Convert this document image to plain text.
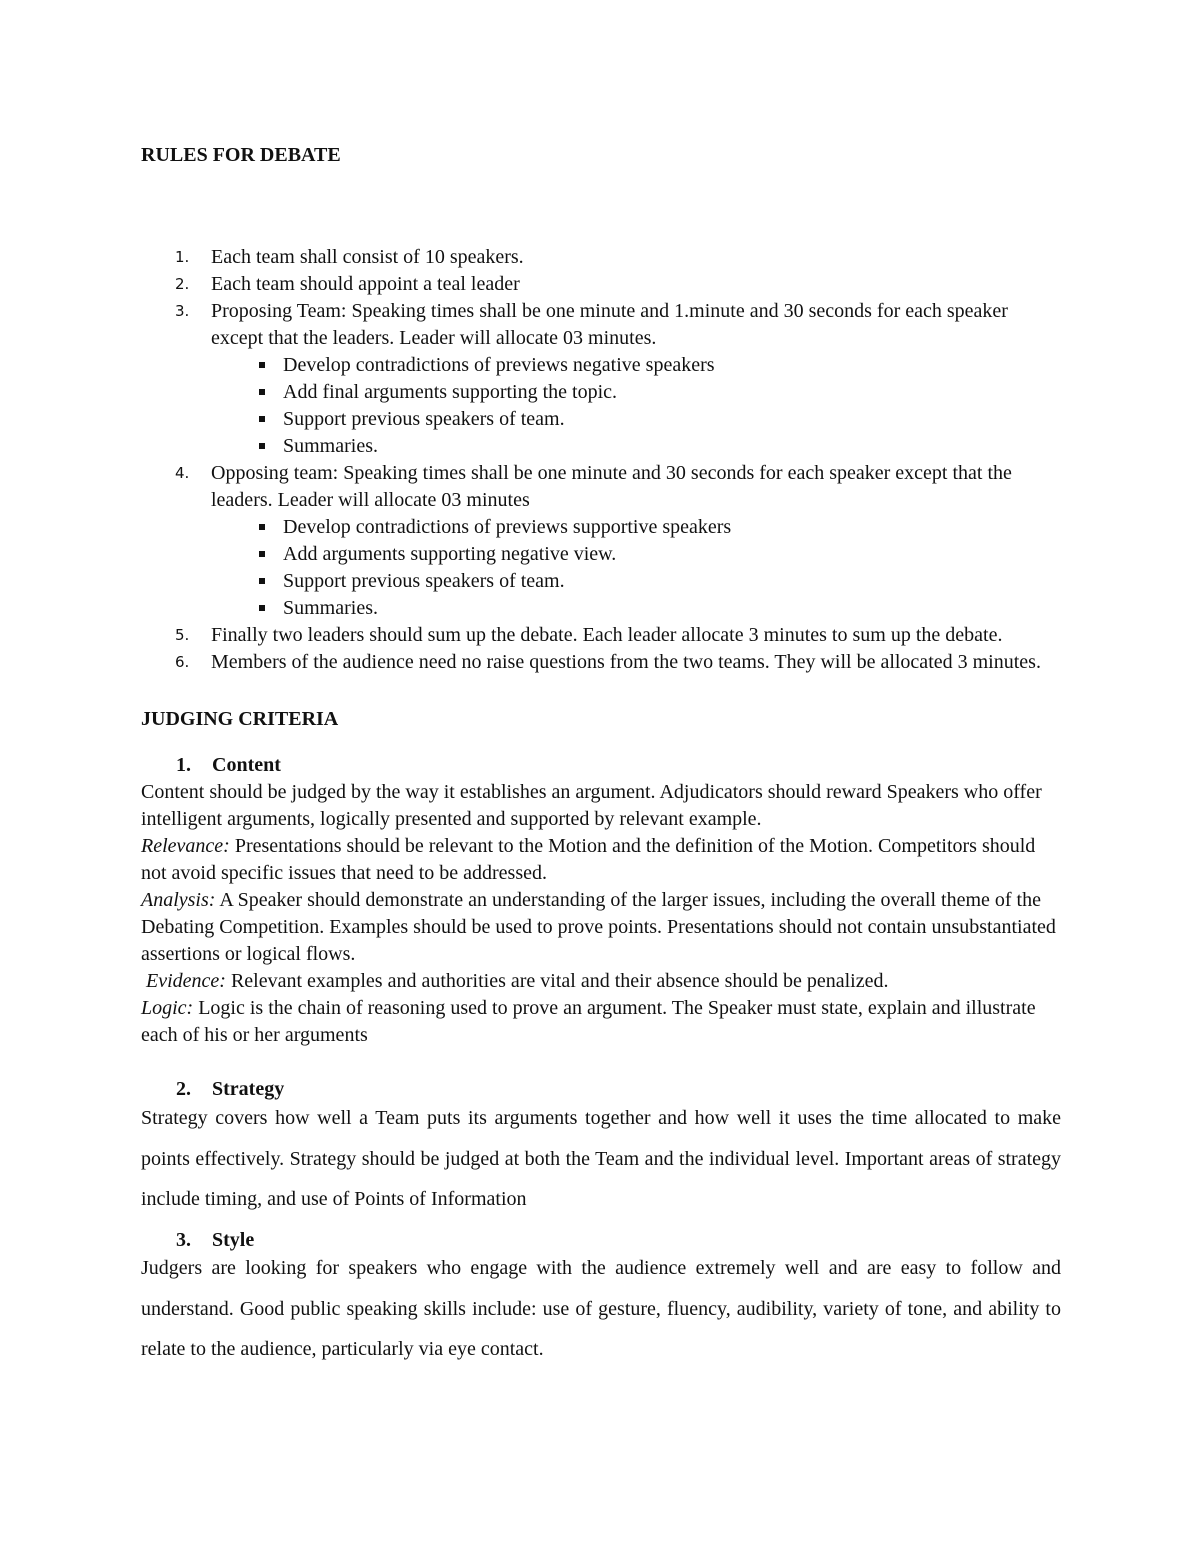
RULES FOR DEBATE
1. Each team shall consist of 10 speakers.
2. Each team should appoint a teal leader
3. Proposing Team: Speaking times shall be one minute and 1.minute and 30 seconds for each speaker except that the leaders. Leader will allocate 03 minutes.
Develop contradictions of previews negative speakers
Add final arguments supporting the topic.
Support previous speakers of team.
Summaries.
4. Opposing team: Speaking times shall be one minute and 30 seconds for each speaker except that the leaders. Leader will allocate 03 minutes
Develop contradictions of previews supportive speakers
Add arguments supporting negative view.
Support previous speakers of team.
Summaries.
5. Finally two leaders should sum up the debate. Each leader allocate 3 minutes to sum up the debate.
6. Members of the audience need no raise questions from the two teams. They will be allocated 3 minutes.
JUDGING CRITERIA
1. Content

Content should be judged by the way it establishes an argument. Adjudicators should reward Speakers who offer intelligent arguments, logically presented and supported by relevant example.

Relevance: Presentations should be relevant to the Motion and the definition of the Motion. Competitors should not avoid specific issues that need to be addressed.

Analysis: A Speaker should demonstrate an understanding of the larger issues, including the overall theme of the Debating Competition. Examples should be used to prove points. Presentations should not contain unsubstantiated assertions or logical flows.

Evidence: Relevant examples and authorities are vital and their absence should be penalized.

Logic: Logic is the chain of reasoning used to prove an argument. The Speaker must state, explain and illustrate each of his or her arguments

2. Strategy
Strategy covers how well a Team puts its arguments together and how well it uses the time allocated to make points effectively. Strategy should be judged at both the Team and the individual level. Important areas of strategy include timing, and use of Points of Information
3. Style
Judgers are looking for speakers who engage with the audience extremely well and are easy to follow and understand. Good public speaking skills include: use of gesture, fluency, audibility, variety of tone, and ability to relate to the audience, particularly via eye contact.
